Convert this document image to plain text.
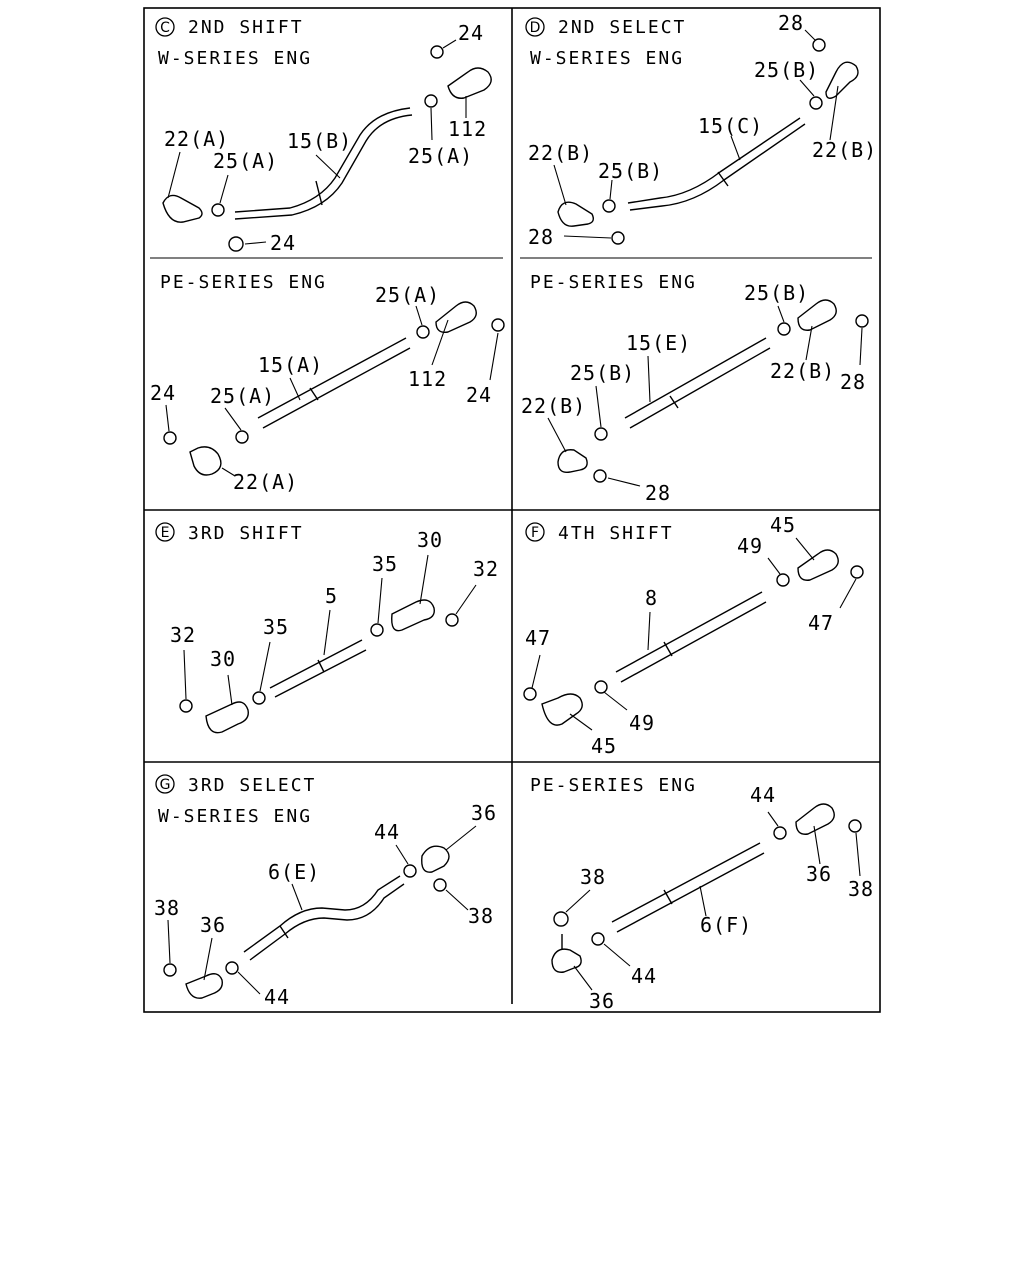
C 2ND SHIFT
W-SERIES ENG
24
22(A)
25(A)
15(B)
25(A)
112
24
PE-SERIES ENG
25(A)
15(A)
112
24
24 25(A)
22(A)
D 2ND SELECT
W-SERIES ENG
28
25(B)
15(C)
22(B)
22(B)
25(B)
28
PE-SERIES ENG 25(B)
15(E)
22(B) 28
25(B)
22(B)
28
E 3RD SHIFT	30
35	32
5
35
32
30
F 4TH SHIFT	45
49
8
47
47
49
45
G 3RD SELECT
W-SERIES ENG	36
44
6(E)
38
38
36
44
PE-SERIES ENG	44
38	36
38
6(F)
44
36
